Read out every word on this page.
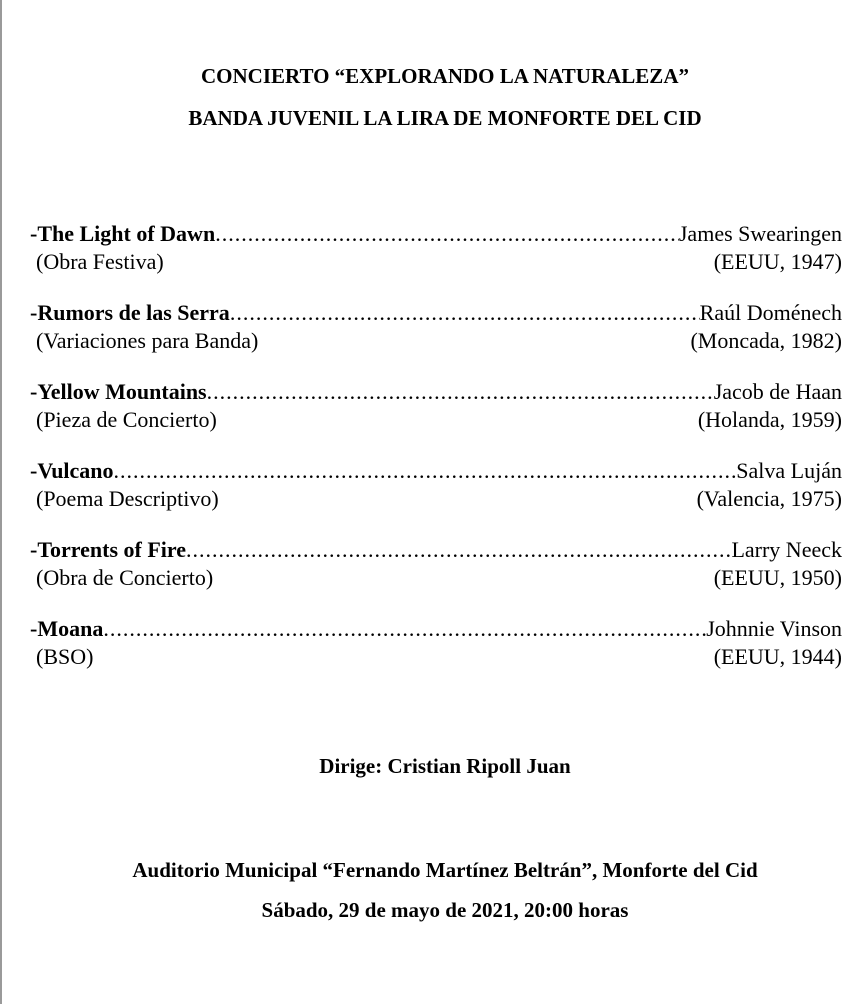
CONCIERTO “EXPLORANDO LA NATURALEZA”
BANDA JUVENIL LA LIRA DE MONFORTE DEL CID
-The Light of Dawn .....	James Swearingen
(Obra Festiva)	(EEUU, 1947)
-Rumors de las Serra .....	Raúl Doménech
(Variaciones para Banda)	(Moncada, 1982)
-Yellow Mountains .....	Jacob de Haan
(Pieza de Concierto)	(Holanda, 1959)
-Vulcano .....	Salva Luján
(Poema Descriptivo)	(Valencia, 1975)
-Torrents of Fire .....	Larry Neeck
(Obra de Concierto)	(EEUU, 1950)
-Moana .....	Johnnie Vinson
(BSO)	(EEUU, 1944)
Dirige: Cristian Ripoll Juan
Auditorio Municipal “Fernando Martínez Beltrán”, Monforte del Cid
Sábado, 29 de mayo de 2021, 20:00 horas
